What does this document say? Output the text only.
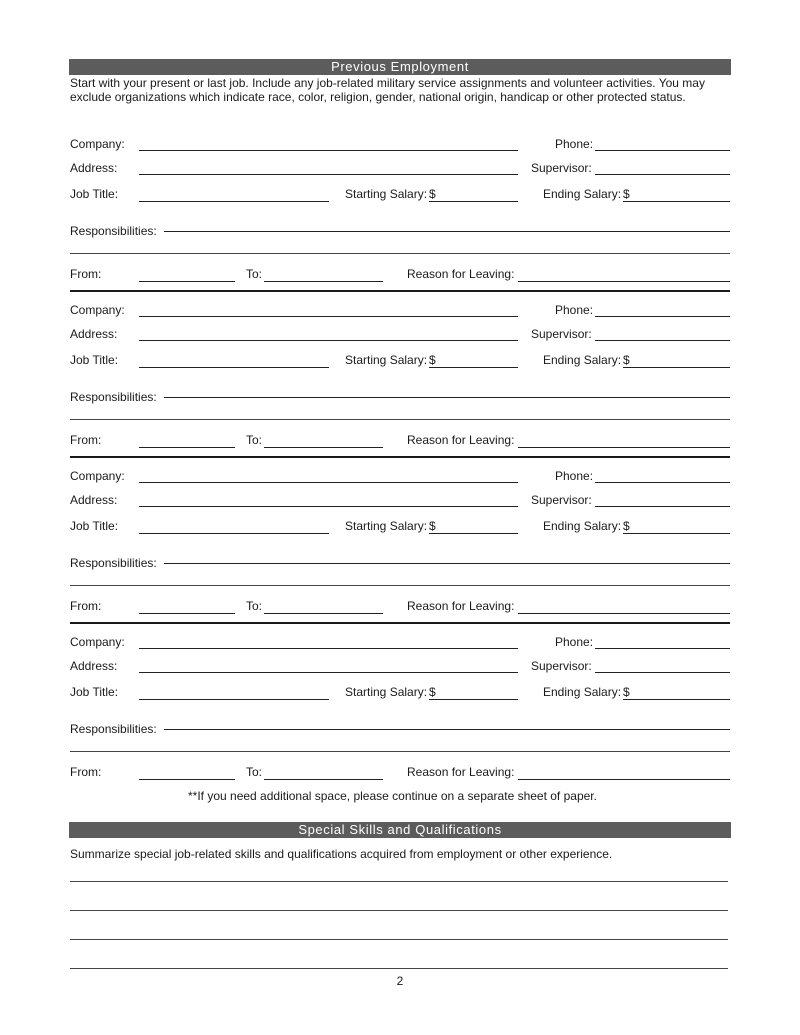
Previous Employment
Start with your present or last job. Include any job-related military service assignments and volunteer activities. You may exclude organizations which indicate race, color, religion, gender, national origin, handicap or other protected status.
Company:	Phone:
Address:	Supervisor:
Job Title:	Starting Salary: $	Ending Salary: $
Responsibilities:
From:	To:	Reason for Leaving:
Company:	Phone:
Address:	Supervisor:
Job Title:	Starting Salary: $	Ending Salary: $
Responsibilities:
From:	To:	Reason for Leaving:
Company:	Phone:
Address:	Supervisor:
Job Title:	Starting Salary: $	Ending Salary: $
Responsibilities:
From:	To:	Reason for Leaving:
Company:	Phone:
Address:	Supervisor:
Job Title:	Starting Salary: $	Ending Salary: $
Responsibilities:
From:	To:	Reason for Leaving:
**If you need additional space, please continue on a separate sheet of paper.
Special Skills and Qualifications
Summarize special job-related skills and qualifications acquired from employment or other experience.
2
